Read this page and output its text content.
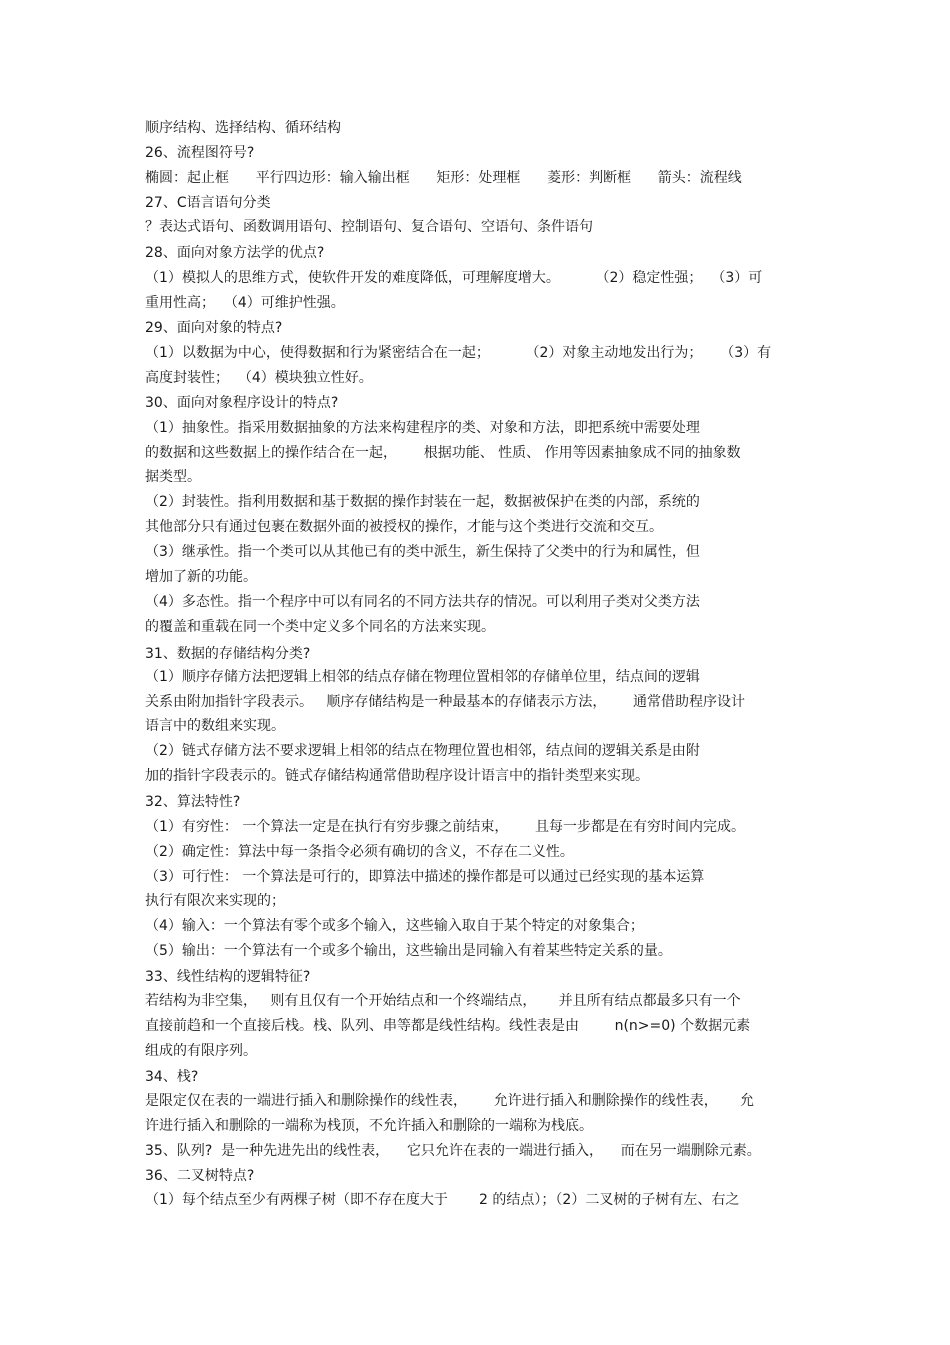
顺序结构、选择结构、循环结构
26、流程图符号?
椭圆：起止框      平行四边形：输入输出框      矩形：处理框      菱形：判断框      箭头：流程线
27、C语言语句分类
？表达式语句、函数调用语句、控制语句、复合语句、空语句、条件语句
28、面向对象方法学的优点?
（1）模拟人的思维方式，使软件开发的难度降低，可理解度增大。        （2）稳定性强；  （3）可
重用性高；  （4）可维护性强。
29、面向对象的特点?
（1）以数据为中心，使得数据和行为紧密结合在一起；        （2）对象主动地发出行为；    （3）有
高度封装性；  （4）模块独立性好。
30、面向对象程序设计的特点?
（1）抽象性。指采用数据抽象的方法来构建程序的类、对象和方法，即把系统中需要处理
的数据和这些数据上的操作结合在一起，      根据功能、 性质、 作用等因素抽象成不同的抽象数
据类型。
（2）封装性。指利用数据和基于数据的操作封装在一起，数据被保护在类的内部，系统的
其他部分只有通过包裹在数据外面的被授权的操作，才能与这个类进行交流和交互。
（3）继承性。指一个类可以从其他已有的类中派生，新生保持了父类中的行为和属性，但
增加了新的功能。
（4）多态性。指一个程序中可以有同名的不同方法共存的情况。可以利用子类对父类方法
的覆盖和重载在同一个类中定义多个同名的方法来实现。
31、数据的存储结构分类?
（1）顺序存储方法把逻辑上相邻的结点存储在物理位置相邻的存储单位里，结点间的逻辑
关系由附加指针字段表示。   顺序存储结构是一种最基本的存储表示方法，      通常借助程序设计
语言中的数组来实现。
（2）链式存储方法不要求逻辑上相邻的结点在物理位置也相邻，结点间的逻辑关系是由附
加的指针字段表示的。链式存储结构通常借助程序设计语言中的指针类型来实现。
32、算法特性?
（1）有穷性： 一个算法一定是在执行有穷步骤之前结束，      且每一步都是在有穷时间内完成。
（2）确定性：算法中每一条指令必须有确切的含义，不存在二义性。
（3）可行性： 一个算法是可行的，即算法中描述的操作都是可以通过已经实现的基本运算
执行有限次来实现的；
（4）输入：一个算法有零个或多个输入，这些输入取自于某个特定的对象集合；
（5）输出：一个算法有一个或多个输出，这些输出是同输入有着某些特定关系的量。
33、线性结构的逻辑特征?
若结构为非空集，   则有且仅有一个开始结点和一个终端结点，     并且所有结点都最多只有一个
直接前趋和一个直接后栈。栈、队列、串等都是线性结构。线性表是由        n(n>=0) 个数据元素
组成的有限序列。
34、栈?
是限定仅在表的一端进行插入和删除操作的线性表，      允许进行插入和删除操作的线性表，     允
许进行插入和删除的一端称为栈顶，不允许插入和删除的一端称为栈底。
35、队列?  是一种先进先出的线性表，    它只允许在表的一端进行插入，    而在另一端删除元素。
36、二叉树特点?
（1）每个结点至少有两棵子树（即不存在度大于       2 的结点）；（2）二叉树的子树有左、右之
